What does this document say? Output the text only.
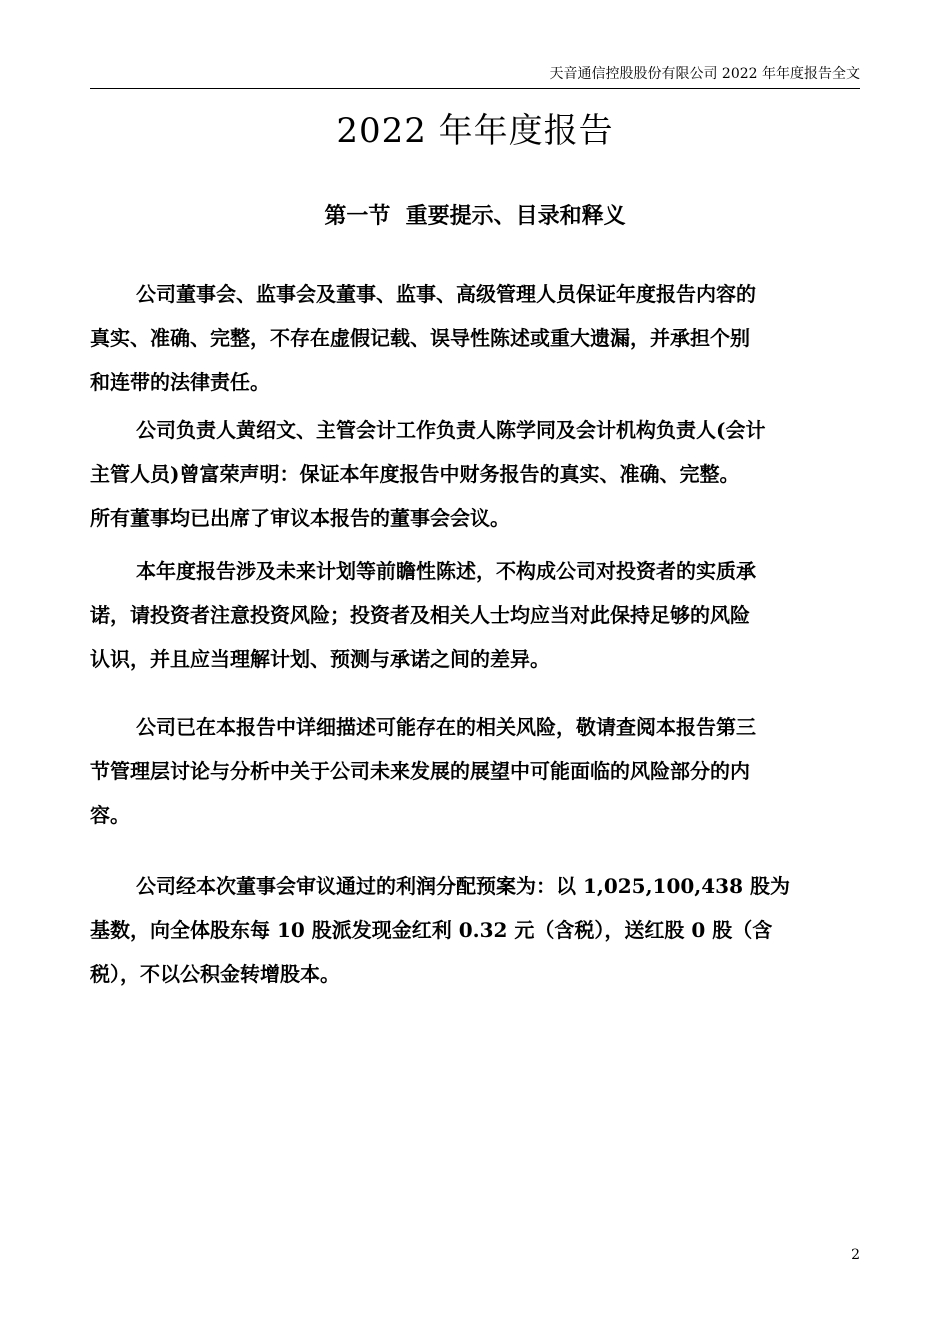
天音通信控股股份有限公司 2022 年年度报告全文
2022 年年度报告
第一节  重要提示、目录和释义
公司董事会、监事会及董事、监事、高级管理人员保证年度报告内容的
真实、准确、完整，不存在虚假记载、误导性陈述或重大遗漏，并承担个别
和连带的法律责任。
公司负责人黄绍文、主管会计工作负责人陈学同及会计机构负责人(会计
主管人员)曾富荣声明：保证本年度报告中财务报告的真实、准确、完整。
所有董事均已出席了审议本报告的董事会会议。
本年度报告涉及未来计划等前瞻性陈述，不构成公司对投资者的实质承
诺，请投资者注意投资风险；投资者及相关人士均应当对此保持足够的风险
认识，并且应当理解计划、预测与承诺之间的差异。
公司已在本报告中详细描述可能存在的相关风险，敬请查阅本报告第三
节管理层讨论与分析中关于公司未来发展的展望中可能面临的风险部分的内
容。
公司经本次董事会审议通过的利润分配预案为：以 1,025,100,438 股为
基数，向全体股东每 10 股派发现金红利 0.32 元（含税），送红股 0 股（含
税），不以公积金转增股本。
2
